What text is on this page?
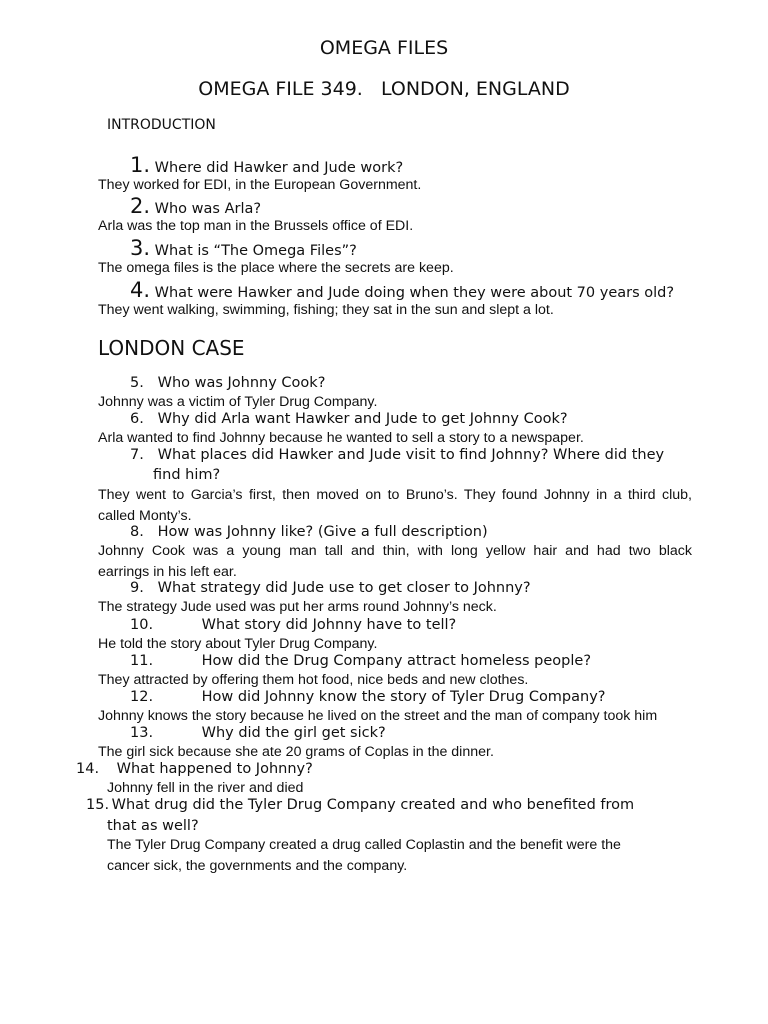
OMEGA FILES
OMEGA FILE 349.   LONDON, ENGLAND
INTRODUCTION
1. Where did Hawker and Jude work?
They worked for EDI, in the European Government.
2. Who was Arla?
Arla was the top man in the Brussels office of EDI.
3. What is “The Omega Files”?
The omega files is the place where the secrets are keep.
4. What were Hawker and Jude doing when they were about 70 years old?
They went walking, swimming, fishing; they sat in the sun and slept a lot.
LONDON CASE
5. Who was Johnny Cook?
Johnny was a victim of Tyler Drug Company.
6. Why did Arla want Hawker and Jude to get Johnny Cook?
Arla wanted to find Johnny because he wanted to sell a story to a newspaper.
7. What places did Hawker and Jude visit to find Johnny? Where did they
find him?
They went to Garcia’s first, then moved on to Bruno’s. They found Johnny in a third club,
called Monty’s.
8. How was Johnny like? (Give a full description)
Johnny Cook was a young man tall and thin, with long yellow hair and had two black
earrings in his left ear.
9. What strategy did Jude use to get closer to Johnny?
The strategy Jude used was put her arms round Johnny’s neck.
10.	What story did Johnny have to tell?
He told the story about Tyler Drug Company.
11.	How did the Drug Company attract homeless people?
They attracted by offering them hot food, nice beds and new clothes.
12.	How did Johnny know the story of Tyler Drug Company?
Johnny knows the story because he lived on the street and the man of company took him
13.	Why did the girl get sick?
The girl sick because she ate 20 grams of Coplas in the dinner.
14. What happened to Johnny?
Johnny fell in the river and died
15. What drug did the Tyler Drug Company created and who benefited from
that as well?
The Tyler Drug Company created a drug called Coplastin and the benefit were the
cancer sick, the governments and the company.
